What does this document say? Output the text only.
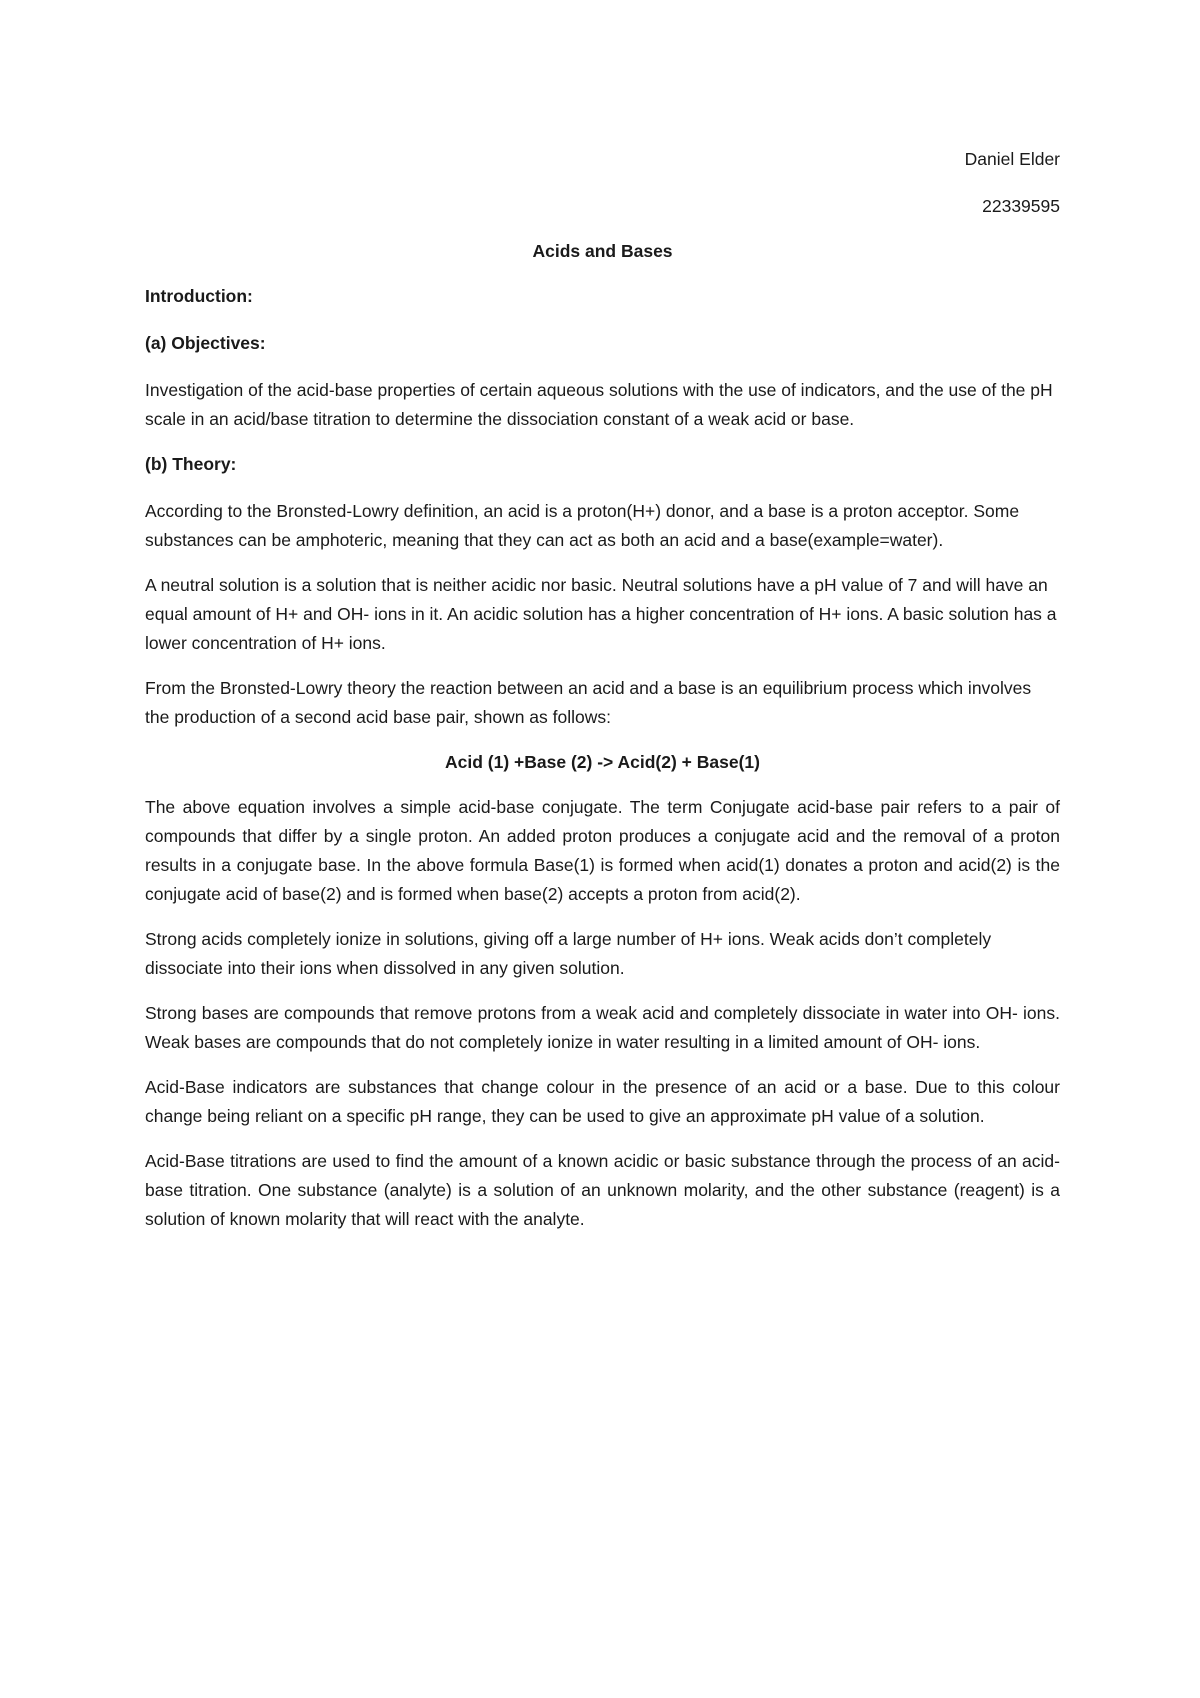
Daniel Elder

22339595

Acids and Bases

Introduction:

(a) Objectives:

Investigation of the acid-base properties of certain aqueous solutions with the use of indicators, and the use of the pH scale in an acid/base titration to determine the dissociation constant of a weak acid or base.

(b) Theory:

According to the Bronsted-Lowry definition, an acid is a proton(H+) donor, and a base is a proton acceptor. Some substances can be amphoteric, meaning that they can act as both an acid and a base(example=water).

A neutral solution is a solution that is neither acidic nor basic. Neutral solutions have a pH value of 7 and will have an equal amount of H+ and OH- ions in it. An acidic solution has a higher concentration of H+ ions. A basic solution has a lower concentration of H+ ions.

From the Bronsted-Lowry theory the reaction between an acid and a base is an equilibrium process which involves the production of a second acid base pair, shown as follows:

Acid (1) +Base (2) -> Acid(2) + Base(1)

The above equation involves a simple acid-base conjugate. The term Conjugate acid-base pair refers to a pair of compounds that differ by a single proton. An added proton produces a conjugate acid and the removal of a proton results in a conjugate base. In the above formula Base(1) is formed when acid(1) donates a proton and acid(2) is the conjugate acid of base(2) and is formed when base(2) accepts a proton from acid(2).

Strong acids completely ionize in solutions, giving off a large number of H+ ions. Weak acids don’t completely dissociate into their ions when dissolved in any given solution.

Strong bases are compounds that remove protons from a weak acid and completely dissociate in water into OH- ions. Weak bases are compounds that do not completely ionize in water resulting in a limited amount of OH- ions.

Acid-Base indicators are substances that change colour in the presence of an acid or a base. Due to this colour change being reliant on a specific pH range, they can be used to give an approximate pH value of a solution.

Acid-Base titrations are used to find the amount of a known acidic or basic substance through the process of an acid-base titration. One substance (analyte) is a solution of an unknown molarity, and the other substance (reagent) is a solution of known molarity that will react with the analyte.
